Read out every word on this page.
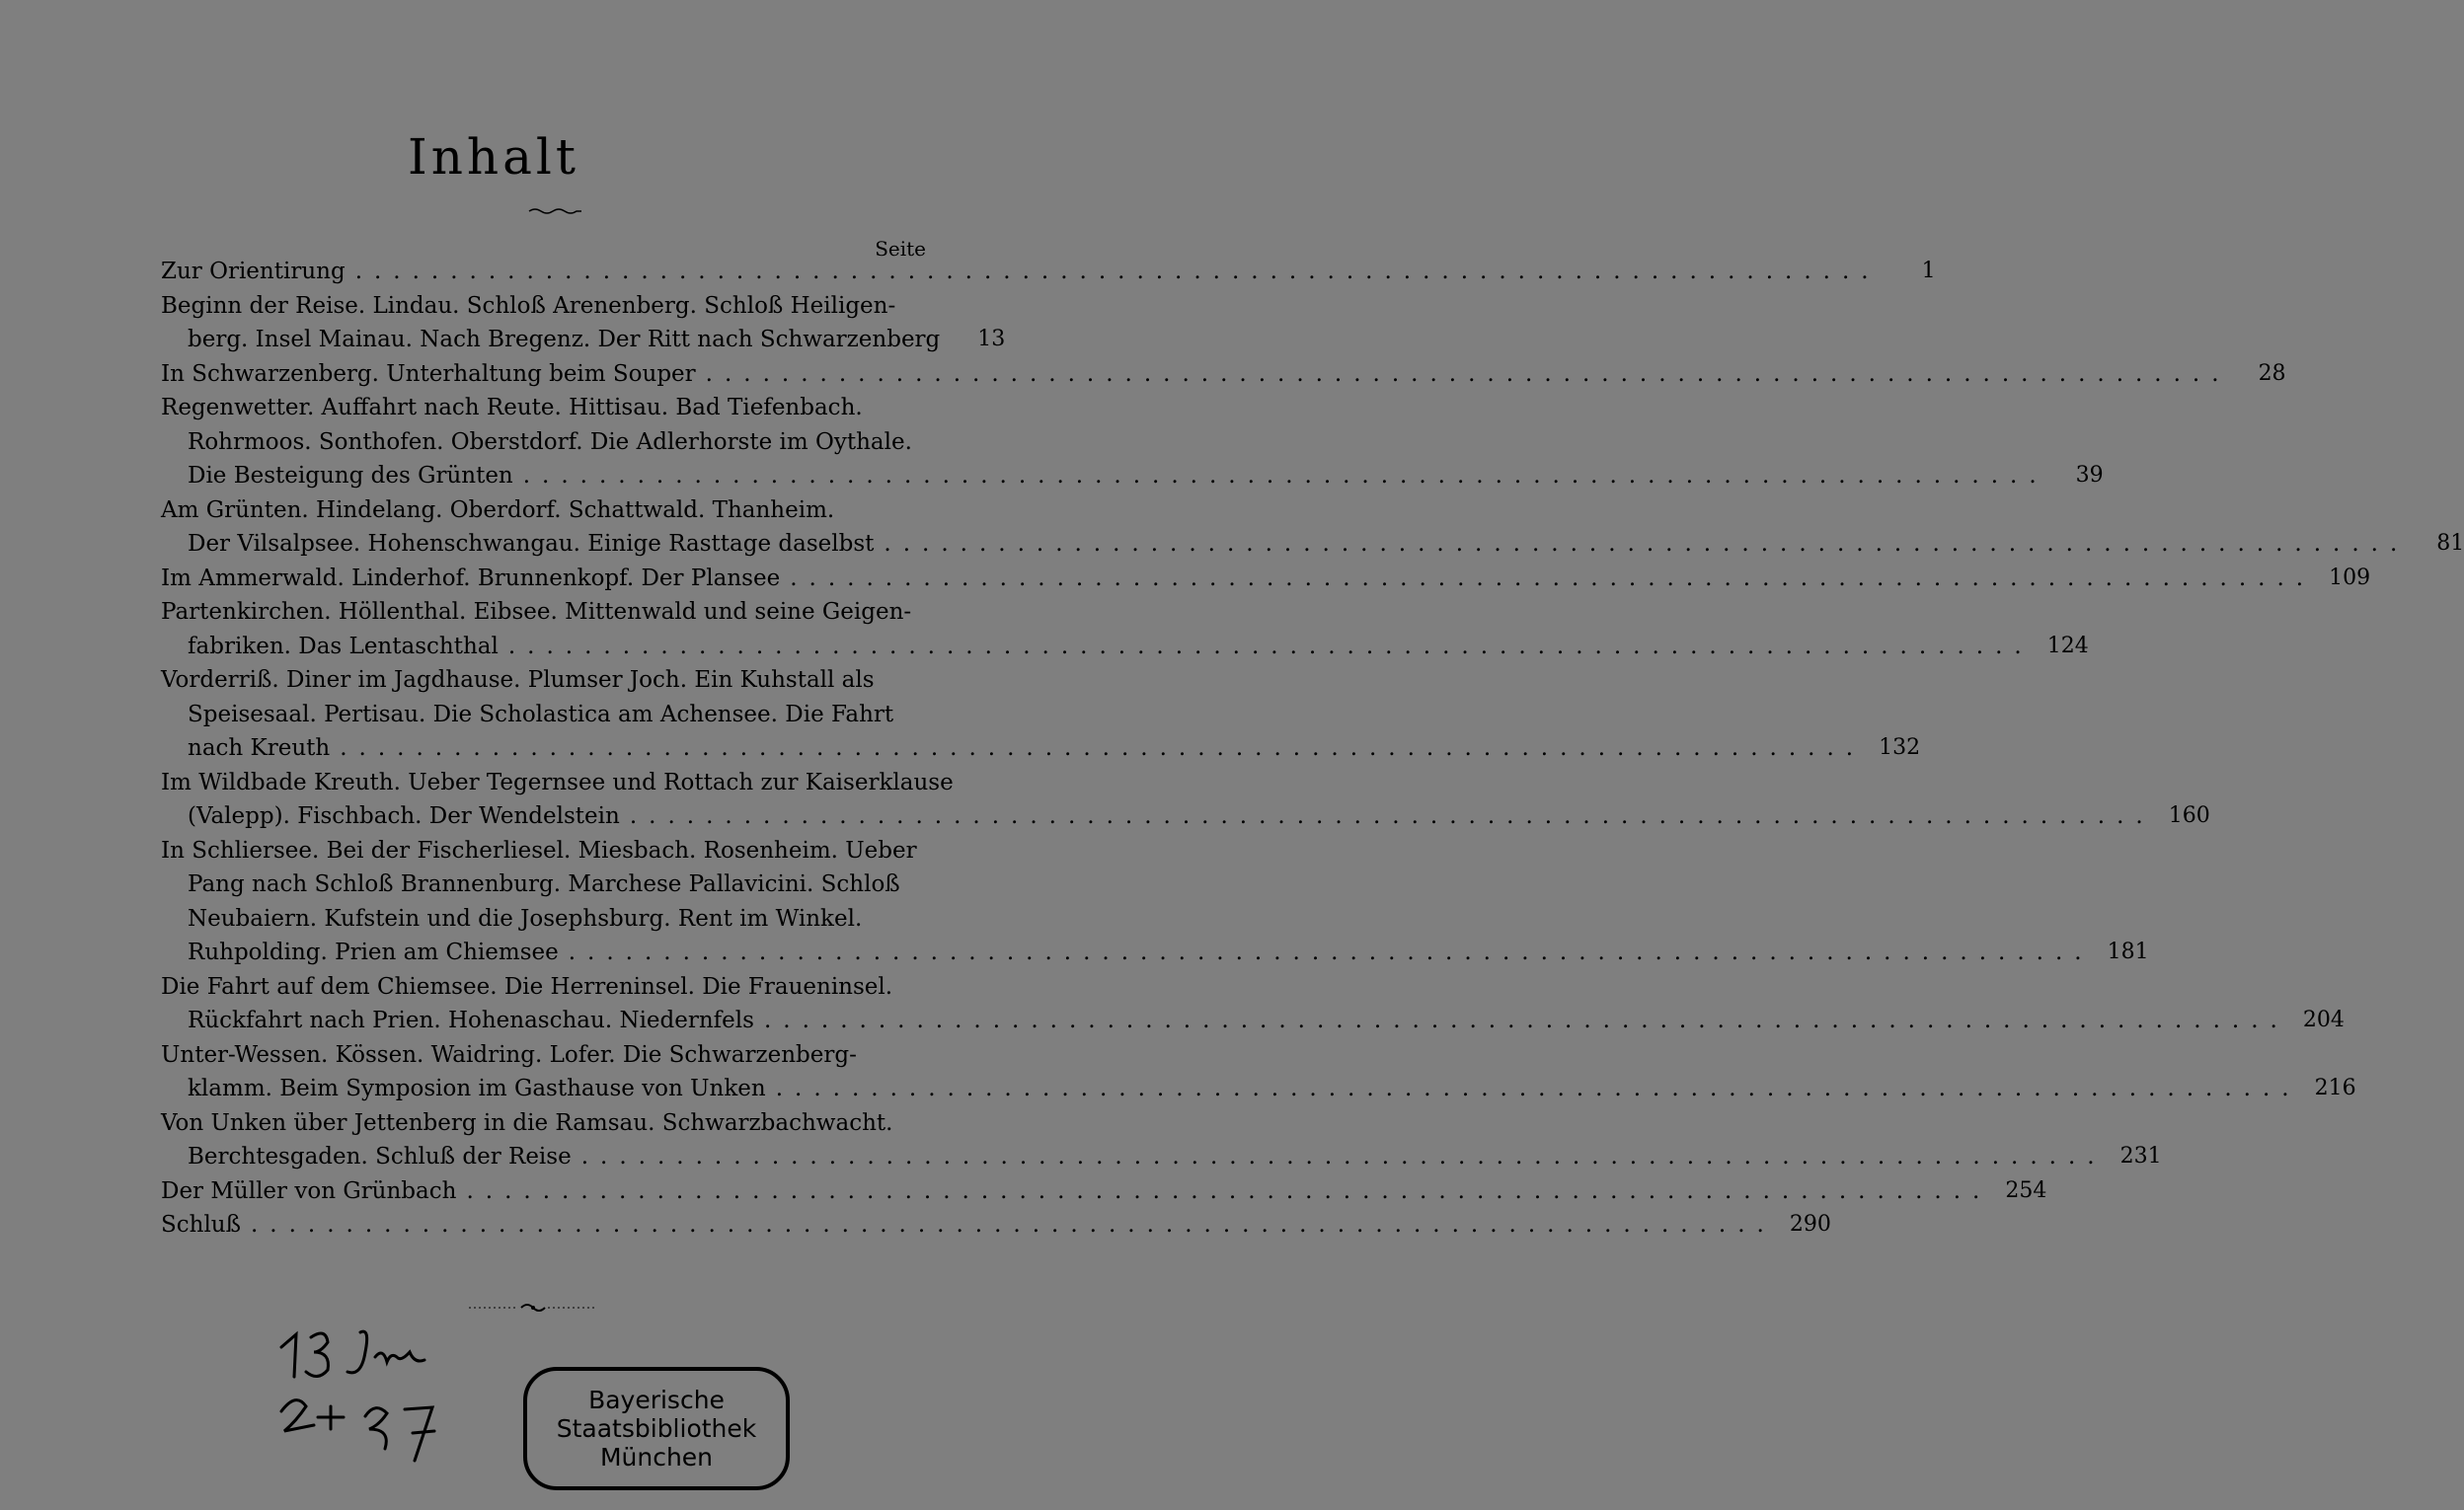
Inhalt
Seite
Zur Orientirung ................................................................................	1
Beginn der Reise. Lindau. Schloß Arenenberg. Schloß Heiligen-
berg. Insel Mainau. Nach Bregenz. Der Ritt nach Schwarzenberg	13
In Schwarzenberg. Unterhaltung beim Souper ................................................................................	28
Regenwetter. Auffahrt nach Reute. Hittisau. Bad Tiefenbach.
Rohrmoos. Sonthofen. Oberstdorf. Die Adlerhorste im Oythale.
Die Besteigung des Grünten ................................................................................	39
Am Grünten. Hindelang. Oberdorf. Schattwald. Thanheim.
Der Vilsalpsee. Hohenschwangau. Einige Rasttage daselbst ................................................................................	81
Im Ammerwald. Linderhof. Brunnenkopf. Der Plansee ................................................................................ 109
Partenkirchen. Höllenthal. Eibsee. Mittenwald und seine Geigen-
fabriken. Das Lentaschthal ................................................................................ 124
Vorderriß. Diner im Jagdhause. Plumser Joch. Ein Kuhstall als
Speisesaal. Pertisau. Die Scholastica am Achensee. Die Fahrt
nach Kreuth ................................................................................ 132
Im Wildbade Kreuth. Ueber Tegernsee und Rottach zur Kaiserklause
(Valepp). Fischbach. Der Wendelstein ................................................................................ 160
In Schliersee. Bei der Fischerliesel. Miesbach. Rosenheim. Ueber
Pang nach Schloß Brannenburg. Marchese Pallavicini. Schloß
Neubaiern. Kufstein und die Josephsburg. Rent im Winkel.
Ruhpolding. Prien am Chiemsee ................................................................................ 181
Die Fahrt auf dem Chiemsee. Die Herreninsel. Die Fraueninsel.
Rückfahrt nach Prien. Hohenaschau. Niedernfels ................................................................................ 204
Unter-Wessen. Kössen. Waidring. Lofer. Die Schwarzenberg-
klamm. Beim Symposion im Gasthause von Unken ................................................................................ 216
Von Unken über Jettenberg in die Ramsau. Schwarzbachwacht.
Berchtesgaden. Schluß der Reise ................................................................................ 231
Der Müller von Grünbach ................................................................................ 254
Schluß ................................................................................ 290
Bayerische
Staatsbibliothek
München
